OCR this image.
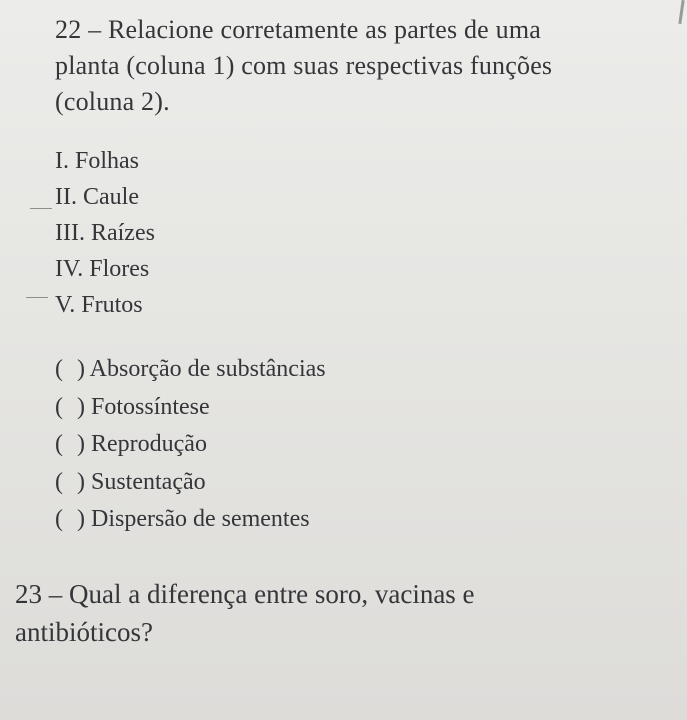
22 – Relacione corretamente as partes de uma
planta (coluna 1) com suas respectivas funções
(coluna 2).

I. Folhas
II. Caule
III. Raízes
IV. Flores
V. Frutos
( ) Absorção de substâncias
( ) Fotossíntese
( ) Reprodução
( ) Sustentação
( ) Dispersão de sementes

23 – Qual a diferença entre soro, vacinas e
antibióticos?
